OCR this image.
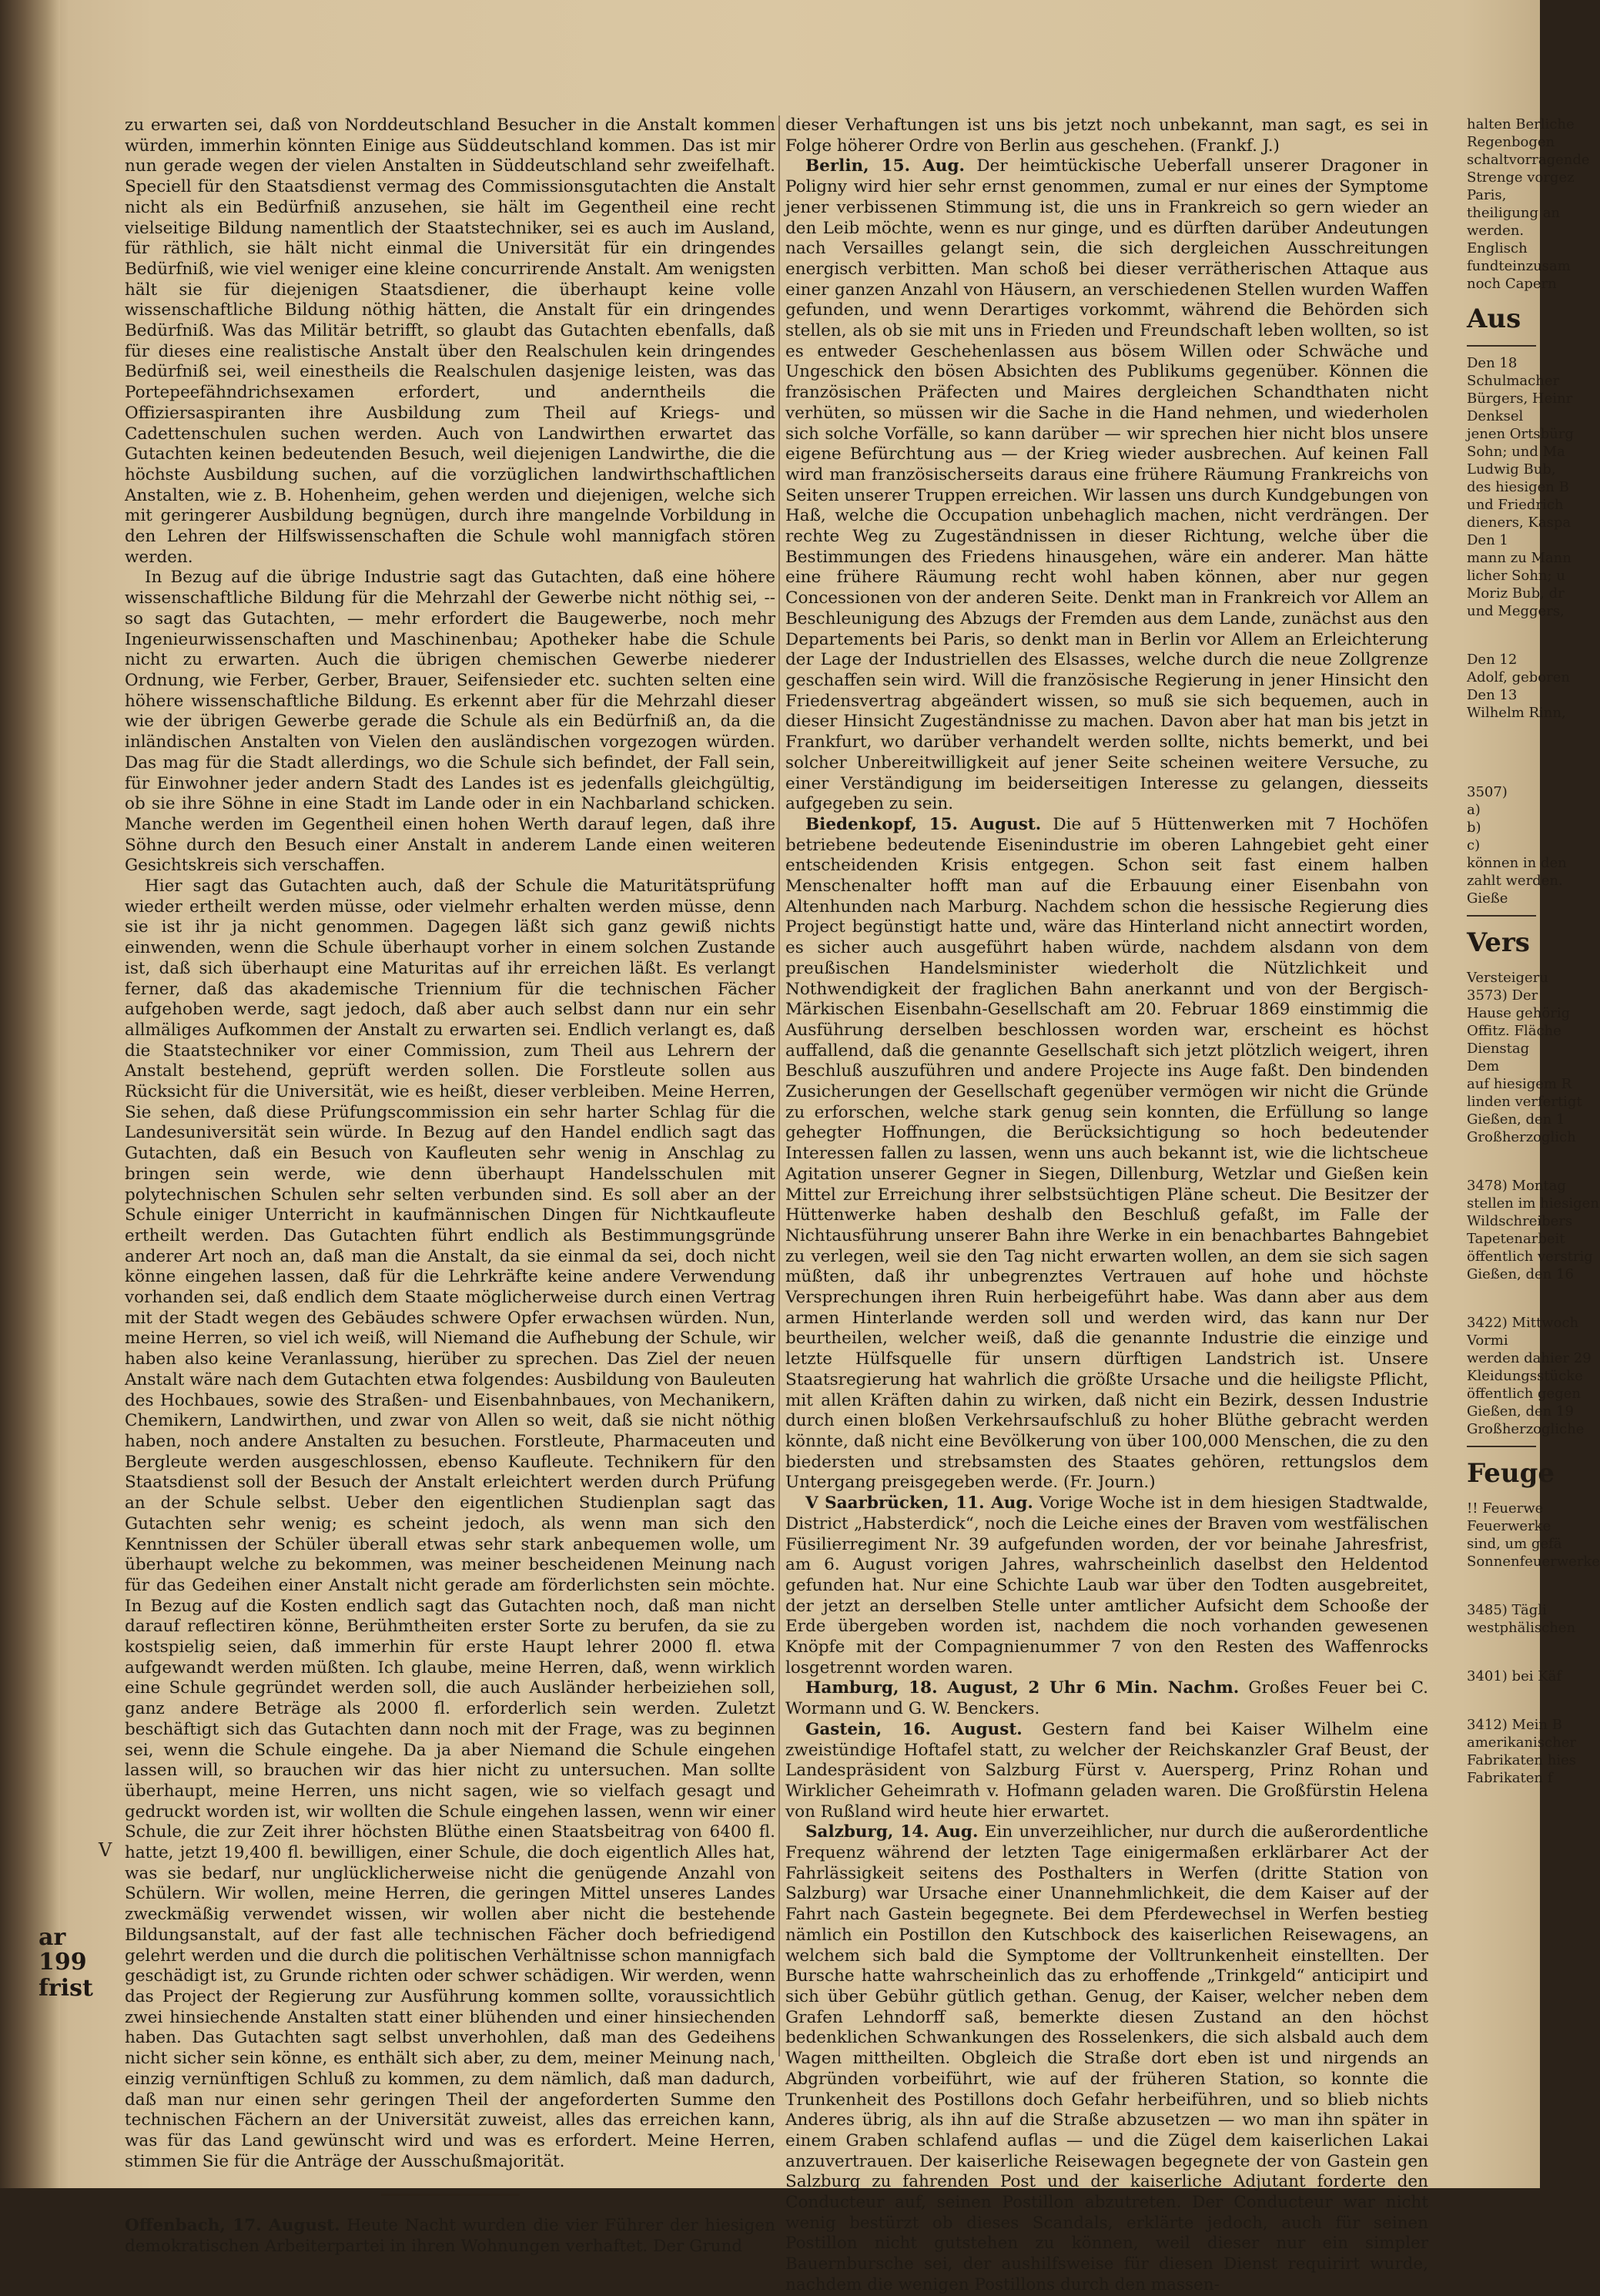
ar
199
frist
V

zu erwarten sei, daß von Norddeutschland Besucher in die Anstalt kommen würden, immerhin könnten Einige aus Süddeutschland kommen. Das ist mir nun gerade wegen der vielen Anstalten in Süddeutschland sehr zweifelhaft. Speciell für den Staatsdienst vermag des Commissionsgutachten die Anstalt nicht als ein Bedürfniß anzusehen, sie hält im Gegentheil eine recht vielseitige Bildung namentlich der Staatstechniker, sei es auch im Ausland, für räthlich, sie hält nicht einmal die Universität für ein dringendes Bedürfniß, wie viel weniger eine kleine concurrirende Anstalt. Am wenigsten hält sie für diejenigen Staatsdiener, die überhaupt keine volle wissenschaftliche Bildung nöthig hätten, die Anstalt für ein dringendes Bedürfniß. Was das Militär betrifft, so glaubt das Gutachten ebenfalls, daß für dieses eine realistische Anstalt über den Realschulen kein dringendes Bedürfniß sei, weil einestheils die Realschulen dasjenige leisten, was das Portepeefähndrichsexamen erfordert, und anderntheils die Offiziersaspiranten ihre Ausbildung zum Theil auf Kriegs- und Cadettenschulen suchen werden. Auch von Landwirthen erwartet das Gutachten keinen bedeutenden Besuch, weil diejenigen Landwirthe, die die höchste Ausbildung suchen, auf die vorzüglichen landwirthschaftlichen Anstalten, wie z. B. Hohenheim, gehen werden und diejenigen, welche sich mit geringerer Ausbildung begnügen, durch ihre mangelnde Vorbildung in den Lehren der Hilfswissenschaften die Schule wohl mannigfach stören werden.

In Bezug auf die übrige Industrie sagt das Gutachten, daß eine höhere wissenschaftliche Bildung für die Mehrzahl der Gewerbe nicht nöthig sei, -- so sagt das Gutachten, — mehr erfordert die Baugewerbe, noch mehr Ingenieurwissenschaften und Maschinenbau; Apotheker habe die Schule nicht zu erwarten. Auch die übrigen chemischen Gewerbe niederer Ordnung, wie Ferber, Gerber, Brauer, Seifensieder etc. suchten selten eine höhere wissenschaftliche Bildung. Es erkennt aber für die Mehrzahl dieser wie der übrigen Gewerbe gerade die Schule als ein Bedürfniß an, da die inländischen Anstalten von Vielen den ausländischen vorgezogen würden. Das mag für die Stadt allerdings, wo die Schule sich befindet, der Fall sein, für Einwohner jeder andern Stadt des Landes ist es jedenfalls gleichgültig, ob sie ihre Söhne in eine Stadt im Lande oder in ein Nachbarland schicken. Manche werden im Gegentheil einen hohen Werth darauf legen, daß ihre Söhne durch den Besuch einer Anstalt in anderem Lande einen weiteren Gesichtskreis sich verschaffen.

Hier sagt das Gutachten auch, daß der Schule die Maturitätsprüfung wieder ertheilt werden müsse, oder vielmehr erhalten werden müsse, denn sie ist ihr ja nicht genommen. Dagegen läßt sich ganz gewiß nichts einwenden, wenn die Schule überhaupt vorher in einem solchen Zustande ist, daß sich überhaupt eine Maturitas auf ihr erreichen läßt. Es verlangt ferner, daß das akademische Triennium für die technischen Fächer aufgehoben werde, sagt jedoch, daß aber auch selbst dann nur ein sehr allmäliges Aufkommen der Anstalt zu erwarten sei. Endlich verlangt es, daß die Staatstechniker vor einer Commission, zum Theil aus Lehrern der Anstalt bestehend, geprüft werden sollen. Die Forstleute sollen aus Rücksicht für die Universität, wie es heißt, dieser verbleiben. Meine Herren, Sie sehen, daß diese Prüfungscommission ein sehr harter Schlag für die Landesuniversität sein würde. In Bezug auf den Handel endlich sagt das Gutachten, daß ein Besuch von Kaufleuten sehr wenig in Anschlag zu bringen sein werde, wie denn überhaupt Handelsschulen mit polytechnischen Schulen sehr selten verbunden sind. Es soll aber an der Schule einiger Unterricht in kaufmännischen Dingen für Nichtkaufleute ertheilt werden. Das Gutachten führt endlich als Bestimmungsgründe anderer Art noch an, daß man die Anstalt, da sie einmal da sei, doch nicht könne eingehen lassen, daß für die Lehrkräfte keine andere Verwendung vorhanden sei, daß endlich dem Staate möglicherweise durch einen Vertrag mit der Stadt wegen des Gebäudes schwere Opfer erwachsen würden. Nun, meine Herren, so viel ich weiß, will Niemand die Aufhebung der Schule, wir haben also keine Veranlassung, hierüber zu sprechen. Das Ziel der neuen Anstalt wäre nach dem Gutachten etwa folgendes: Ausbildung von Bauleuten des Hochbaues, sowie des Straßen- und Eisenbahnbaues, von Mechanikern, Chemikern, Landwirthen, und zwar von Allen so weit, daß sie nicht nöthig haben, noch andere Anstalten zu besuchen. Forstleute, Pharmaceuten und Bergleute werden ausgeschlossen, ebenso Kaufleute. Technikern für den Staatsdienst soll der Besuch der Anstalt erleichtert werden durch Prüfung an der Schule selbst. Ueber den eigentlichen Studienplan sagt das Gutachten sehr wenig; es scheint jedoch, als wenn man sich den Kenntnissen der Schüler überall etwas sehr stark anbequemen wolle, um überhaupt welche zu bekommen, was meiner bescheidenen Meinung nach für das Gedeihen einer Anstalt nicht gerade am förderlichsten sein möchte. In Bezug auf die Kosten endlich sagt das Gutachten noch, daß man nicht darauf reflectiren könne, Berühmtheiten erster Sorte zu berufen, da sie zu kostspielig seien, daß immerhin für erste Haupt lehrer 2000 fl. etwa aufgewandt werden müßten. Ich glaube, meine Herren, daß, wenn wirklich eine Schule gegründet werden soll, die auch Ausländer herbeiziehen soll, ganz andere Beträge als 2000 fl. erforderlich sein werden. Zuletzt beschäftigt sich das Gutachten dann noch mit der Frage, was zu beginnen sei, wenn die Schule eingehe. Da ja aber Niemand die Schule eingehen lassen will, so brauchen wir das hier nicht zu untersuchen. Man sollte überhaupt, meine Herren, uns nicht sagen, wie so vielfach gesagt und gedruckt worden ist, wir wollten die Schule eingehen lassen, wenn wir einer Schule, die zur Zeit ihrer höchsten Blüthe einen Staatsbeitrag von 6400 fl. hatte, jetzt 19,400 fl. bewilligen, einer Schule, die doch eigentlich Alles hat, was sie bedarf, nur unglücklicherweise nicht die genügende Anzahl von Schülern. Wir wollen, meine Herren, die geringen Mittel unseres Landes zweckmäßig verwendet wissen, wir wollen aber nicht die bestehende Bildungsanstalt, auf der fast alle technischen Fächer doch befriedigend gelehrt werden und die durch die politischen Verhältnisse schon mannigfach geschädigt ist, zu Grunde richten oder schwer schädigen. Wir werden, wenn das Project der Regierung zur Ausführung kommen sollte, voraussichtlich zwei hinsiechende Anstalten statt einer blühenden und einer hinsiechenden haben. Das Gutachten sagt selbst unverhohlen, daß man des Gedeihens nicht sicher sein könne, es enthält sich aber, zu dem, meiner Meinung nach, einzig vernünftigen Schluß zu kommen, zu dem nämlich, daß man dadurch, daß man nur einen sehr geringen Theil der angeforderten Summe den technischen Fächern an der Universität zuweist, alles das erreichen kann, was für das Land gewünscht wird und was es erfordert. Meine Herren, stimmen Sie für die Anträge der Ausschußmajorität.

Offenbach, 17. August. Heute Nacht wurden die vier Führer der hiesigen demokratischen Arbeiterpartei in ihren Wohnungen verhaftet. Der Grund

dieser Verhaftungen ist uns bis jetzt noch unbekannt, man sagt, es sei in Folge höherer Ordre von Berlin aus geschehen. (Frankf. J.)

Berlin, 15. Aug. Der heimtückische Ueberfall unserer Dragoner in Poligny wird hier sehr ernst genommen, zumal er nur eines der Symptome jener verbissenen Stimmung ist, die uns in Frankreich so gern wieder an den Leib möchte, wenn es nur ginge, und es dürften darüber Andeutungen nach Versailles gelangt sein, die sich dergleichen Ausschreitungen energisch verbitten. Man schoß bei dieser verrätherischen Attaque aus einer ganzen Anzahl von Häusern, an verschiedenen Stellen wurden Waffen gefunden, und wenn Derartiges vorkommt, während die Behörden sich stellen, als ob sie mit uns in Frieden und Freundschaft leben wollten, so ist es entweder Geschehenlassen aus bösem Willen oder Schwäche und Ungeschick den bösen Absichten des Publikums gegenüber. Können die französischen Präfecten und Maires dergleichen Schandthaten nicht verhüten, so müssen wir die Sache in die Hand nehmen, und wiederholen sich solche Vorfälle, so kann darüber — wir sprechen hier nicht blos unsere eigene Befürchtung aus — der Krieg wieder ausbrechen. Auf keinen Fall wird man französischerseits daraus eine frühere Räumung Frankreichs von Seiten unserer Truppen erreichen. Wir lassen uns durch Kundgebungen von Haß, welche die Occupation unbehaglich machen, nicht verdrängen. Der rechte Weg zu Zugeständnissen in dieser Richtung, welche über die Bestimmungen des Friedens hinausgehen, wäre ein anderer. Man hätte eine frühere Räumung recht wohl haben können, aber nur gegen Concessionen von der anderen Seite. Denkt man in Frankreich vor Allem an Beschleunigung des Abzugs der Fremden aus dem Lande, zunächst aus den Departements bei Paris, so denkt man in Berlin vor Allem an Erleichterung der Lage der Industriellen des Elsasses, welche durch die neue Zollgrenze geschaffen sein wird. Will die französische Regierung in jener Hinsicht den Friedensvertrag abgeändert wissen, so muß sie sich bequemen, auch in dieser Hinsicht Zugeständnisse zu machen. Davon aber hat man bis jetzt in Frankfurt, wo darüber verhandelt werden sollte, nichts bemerkt, und bei solcher Unbereitwilligkeit auf jener Seite scheinen weitere Versuche, zu einer Verständigung im beiderseitigen Interesse zu gelangen, diesseits aufgegeben zu sein.

Biedenkopf, 15. August. Die auf 5 Hüttenwerken mit 7 Hochöfen betriebene bedeutende Eisenindustrie im oberen Lahngebiet geht einer entscheidenden Krisis entgegen. Schon seit fast einem halben Menschenalter hofft man auf die Erbauung einer Eisenbahn von Altenhunden nach Marburg. Nachdem schon die hessische Regierung dies Project begünstigt hatte und, wäre das Hinterland nicht annectirt worden, es sicher auch ausgeführt haben würde, nachdem alsdann von dem preußischen Handelsminister wiederholt die Nützlichkeit und Nothwendigkeit der fraglichen Bahn anerkannt und von der Bergisch-Märkischen Eisenbahn-Gesellschaft am 20. Februar 1869 einstimmig die Ausführung derselben beschlossen worden war, erscheint es höchst auffallend, daß die genannte Gesellschaft sich jetzt plötzlich weigert, ihren Beschluß auszuführen und andere Projecte ins Auge faßt. Den bindenden Zusicherungen der Gesellschaft gegenüber vermögen wir nicht die Gründe zu erforschen, welche stark genug sein konnten, die Erfüllung so lange gehegter Hoffnungen, die Berücksichtigung so hoch bedeutender Interessen fallen zu lassen, wenn uns auch bekannt ist, wie die lichtscheue Agitation unserer Gegner in Siegen, Dillenburg, Wetzlar und Gießen kein Mittel zur Erreichung ihrer selbstsüchtigen Pläne scheut. Die Besitzer der Hüttenwerke haben deshalb den Beschluß gefaßt, im Falle der Nichtausführung unserer Bahn ihre Werke in ein benachbartes Bahngebiet zu verlegen, weil sie den Tag nicht erwarten wollen, an dem sie sich sagen müßten, daß ihr unbegrenztes Vertrauen auf hohe und höchste Versprechungen ihren Ruin herbeigeführt habe. Was dann aber aus dem armen Hinterlande werden soll und werden wird, das kann nur Der beurtheilen, welcher weiß, daß die genannte Industrie die einzige und letzte Hülfsquelle für unsern dürftigen Landstrich ist. Unsere Staatsregierung hat wahrlich die größte Ursache und die heiligste Pflicht, mit allen Kräften dahin zu wirken, daß nicht ein Bezirk, dessen Industrie durch einen bloßen Verkehrsaufschluß zu hoher Blüthe gebracht werden könnte, daß nicht eine Bevölkerung von über 100,000 Menschen, die zu den biedersten und strebsamsten des Staates gehören, rettungslos dem Untergang preisgegeben werde. (Fr. Journ.)

V Saarbrücken, 11. Aug. Vorige Woche ist in dem hiesigen Stadtwalde, District „Habsterdick“, noch die Leiche eines der Braven vom westfälischen Füsilierregiment Nr. 39 aufgefunden worden, der vor beinahe Jahresfrist, am 6. August vorigen Jahres, wahrscheinlich daselbst den Heldentod gefunden hat. Nur eine Schichte Laub war über den Todten ausgebreitet, der jetzt an derselben Stelle unter amtlicher Aufsicht dem Schooße der Erde übergeben worden ist, nachdem die noch vorhanden gewesenen Knöpfe mit der Compagnienummer 7 von den Resten des Waffenrocks losgetrennt worden waren.

Hamburg, 18. August, 2 Uhr 6 Min. Nachm. Großes Feuer bei C. Wormann und G. W. Benckers.

Gastein, 16. August. Gestern fand bei Kaiser Wilhelm eine zweistündige Hoftafel statt, zu welcher der Reichskanzler Graf Beust, der Landespräsident von Salzburg Fürst v. Auersperg, Prinz Rohan und Wirklicher Geheimrath v. Hofmann geladen waren. Die Großfürstin Helena von Rußland wird heute hier erwartet.

Salzburg, 14. Aug. Ein unverzeihlicher, nur durch die außerordentliche Frequenz während der letzten Tage einigermaßen erklärbarer Act der Fahrlässigkeit seitens des Posthalters in Werfen (dritte Station von Salzburg) war Ursache einer Unannehmlichkeit, die dem Kaiser auf der Fahrt nach Gastein begegnete. Bei dem Pferdewechsel in Werfen bestieg nämlich ein Postillon den Kutschbock des kaiserlichen Reisewagens, an welchem sich bald die Symptome der Volltrunkenheit einstellten. Der Bursche hatte wahrscheinlich das zu erhoffende „Trinkgeld“ anticipirt und sich über Gebühr gütlich gethan. Genug, der Kaiser, welcher neben dem Grafen Lehndorff saß, bemerkte diesen Zustand an den höchst bedenklichen Schwankungen des Rosselenkers, die sich alsbald auch dem Wagen mittheilten. Obgleich die Straße dort eben ist und nirgends an Abgründen vorbeiführt, wie auf der früheren Station, so konnte die Trunkenheit des Postillons doch Gefahr herbeiführen, und so blieb nichts Anderes übrig, als ihn auf die Straße abzusetzen — wo man ihn später in einem Graben schlafend auflas — und die Zügel dem kaiserlichen Lakai anzuvertrauen. Der kaiserliche Reisewagen begegnete der von Gastein gen Salzburg zu fahrenden Post und der kaiserliche Adjutant forderte den Conducteur auf, seinen Postillon abzutreten. Der Conducteur war nicht wenig bestürzt ob dieses Scandals, erklärte jedoch, auch für seinen Postillon nicht gutstehen zu können, weil dieser nur ein simpler Bauernbursche sei, der aushilfsweise für diesen Dienst requirirt wurde, nachdem die wenigen Postillons durch den massen-

halten Berliche
Regenbogen
schaltvorragende
Strenge vorgez
Paris,
theiligung an
werden.
Englisch
fundteinzusam
noch Capern
Aus
Den 18
Schulmacher
Bürgers, Heinr
Denksel
jenen Ortsbürg
Sohn; und Ma
Ludwig Bub,
des hiesigen B
und Friedrich
dieners, Kaspa
Den 1
mann zu Mann
licher Sohn; u
Moriz Bub, dr
und Meggers,
Den 12
Adolf, geboren
Den 13
Wilhelm Rinn,
3507)
a)
b)
c)
können in den
zahlt werden.
Gieße
Vers
Versteigeru
3573) Der
Hause gehörig
Offitz. Fläche
Dienstag
Dem
auf hiesigem R
linden verfertigt
Gießen, den 1
Großherzoglich
3478) Montag
stellen im hiesigen
Wildschreibers
Tapetenarbeit
öffentlich verstrig
Gießen, den 16
3422) Mittwoch
Vormi
werden dahier 29
Kleidungsstücke
öffentlich gegen
Gießen, den 19
Großherzogliche
Feuge
!! Feuerwe
Feuerwerke
sind, um gefä
Sonnenfeuerwerke
3485) Tägli
westphälischen
3401) bei Käf
3412) Mein B
amerikanischer
Fabrikaten hies
Fabrikaten f
